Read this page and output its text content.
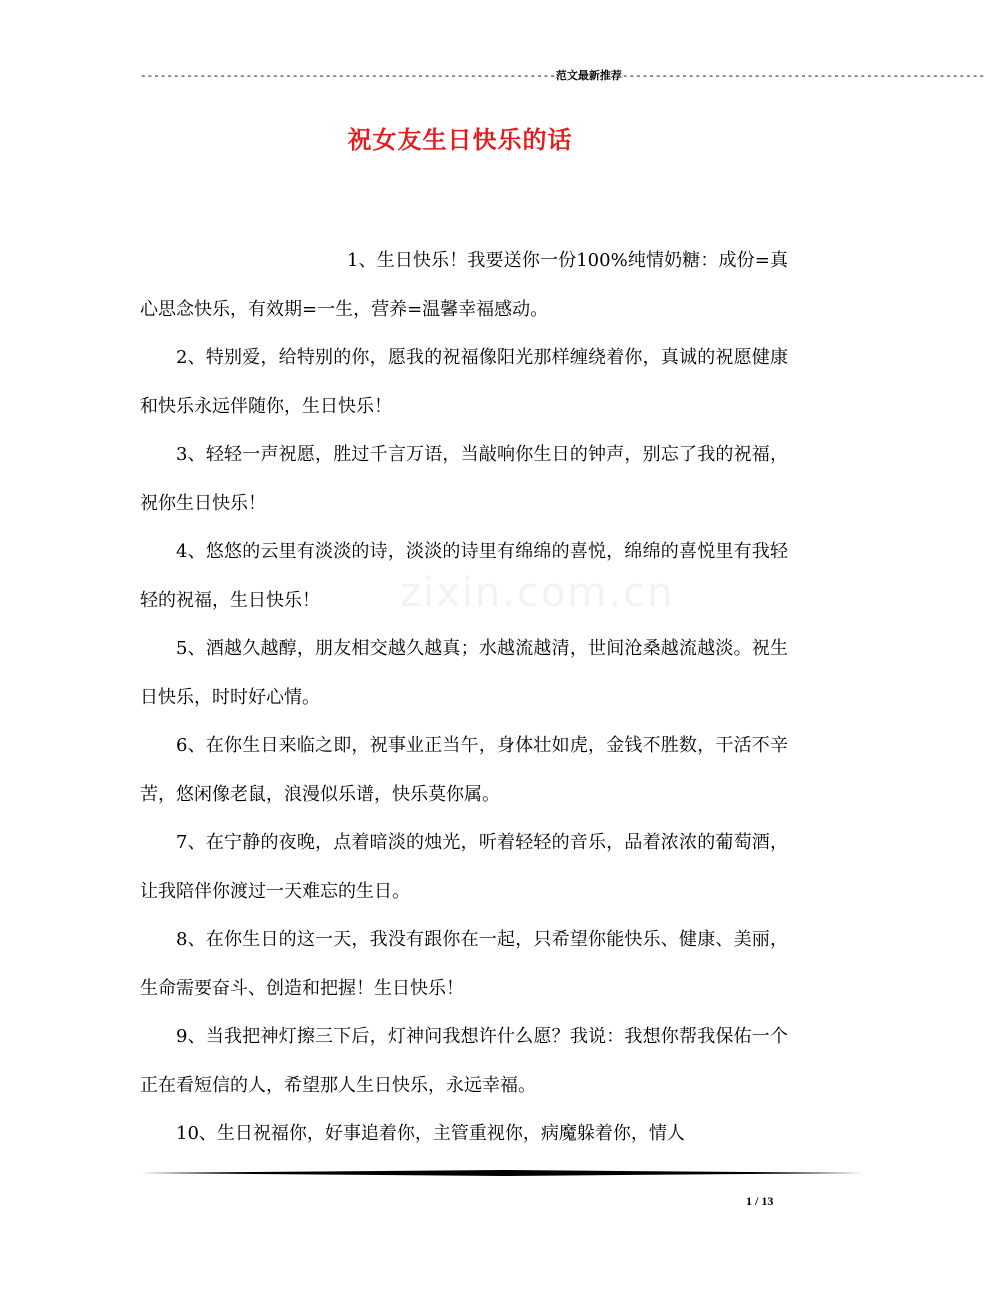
---------------------------------------------------------------范文最新推荐-------------------------------------------------------
祝女友生日快乐的话
zixin.com.cn

1、生日快乐！我要送你一份100%纯情奶糖：成份=真心思念快乐，有效期=一生，营养=温馨幸福感动。

2、特别爱，给特别的你，愿我的祝福像阳光那样缠绕着你，真诚的祝愿健康和快乐永远伴随你，生日快乐！

3、轻轻一声祝愿，胜过千言万语，当敲响你生日的钟声，别忘了我的祝福，祝你生日快乐！

4、悠悠的云里有淡淡的诗，淡淡的诗里有绵绵的喜悦，绵绵的喜悦里有我轻轻的祝福，生日快乐！

5、酒越久越醇，朋友相交越久越真；水越流越清，世间沧桑越流越淡。祝生日快乐，时时好心情。

6、在你生日来临之即，祝事业正当午，身体壮如虎，金钱不胜数，干活不辛苦，悠闲像老鼠，浪漫似乐谱，快乐莫你属。

7、在宁静的夜晚，点着暗淡的烛光，听着轻轻的音乐，品着浓浓的葡萄酒，让我陪伴你渡过一天难忘的生日。

8、在你生日的这一天，我没有跟你在一起，只希望你能快乐、健康、美丽，生命需要奋斗、创造和把握！生日快乐！

9、当我把神灯擦三下后，灯神问我想许什么愿？我说：我想你帮我保佑一个正在看短信的人，希望那人生日快乐，永远幸福。

10、生日祝福你，好事追着你，主管重视你，病魔躲着你，情人

1 / 13
